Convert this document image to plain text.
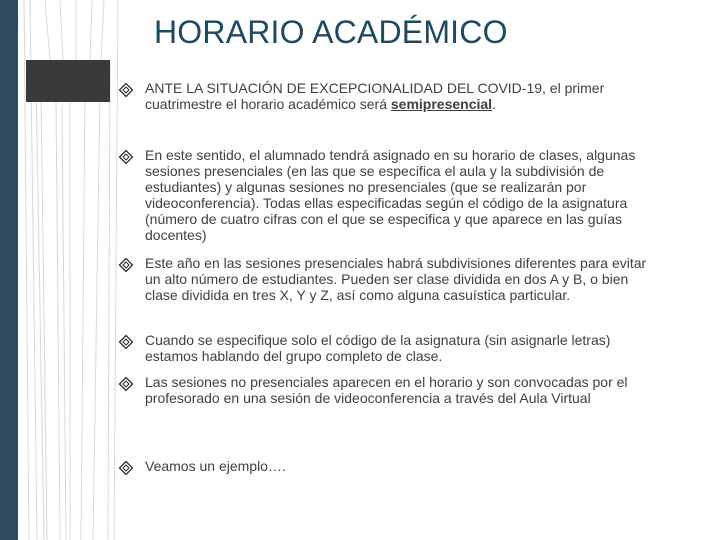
HORARIO ACADÉMICO
ANTE LA SITUACIÓN DE EXCEPCIONALIDAD DEL COVID-19, el primer cuatrimestre el horario académico será semipresencial.
En este sentido, el alumnado tendrá asignado en su horario de clases, algunas sesiones presenciales (en las que se especifica el aula y la subdivisión de estudiantes) y algunas sesiones no presenciales (que se realizarán por videoconferencia). Todas ellas especificadas según el código de la asignatura (número de cuatro cifras con el que se especifica y que aparece en las guías docentes)
Este año en las sesiones presenciales habrá subdivisiones diferentes para evitar un alto número de estudiantes. Pueden ser clase dividida en dos A y B, o bien clase dividida en tres X, Y y Z, así como alguna casuística particular.
Cuando se especifique solo el código de la asignatura (sin asignarle letras) estamos hablando del grupo completo de clase.
Las sesiones no presenciales aparecen en el horario y son convocadas por el profesorado en una sesión de videoconferencia a través del Aula Virtual
Veamos un ejemplo….
